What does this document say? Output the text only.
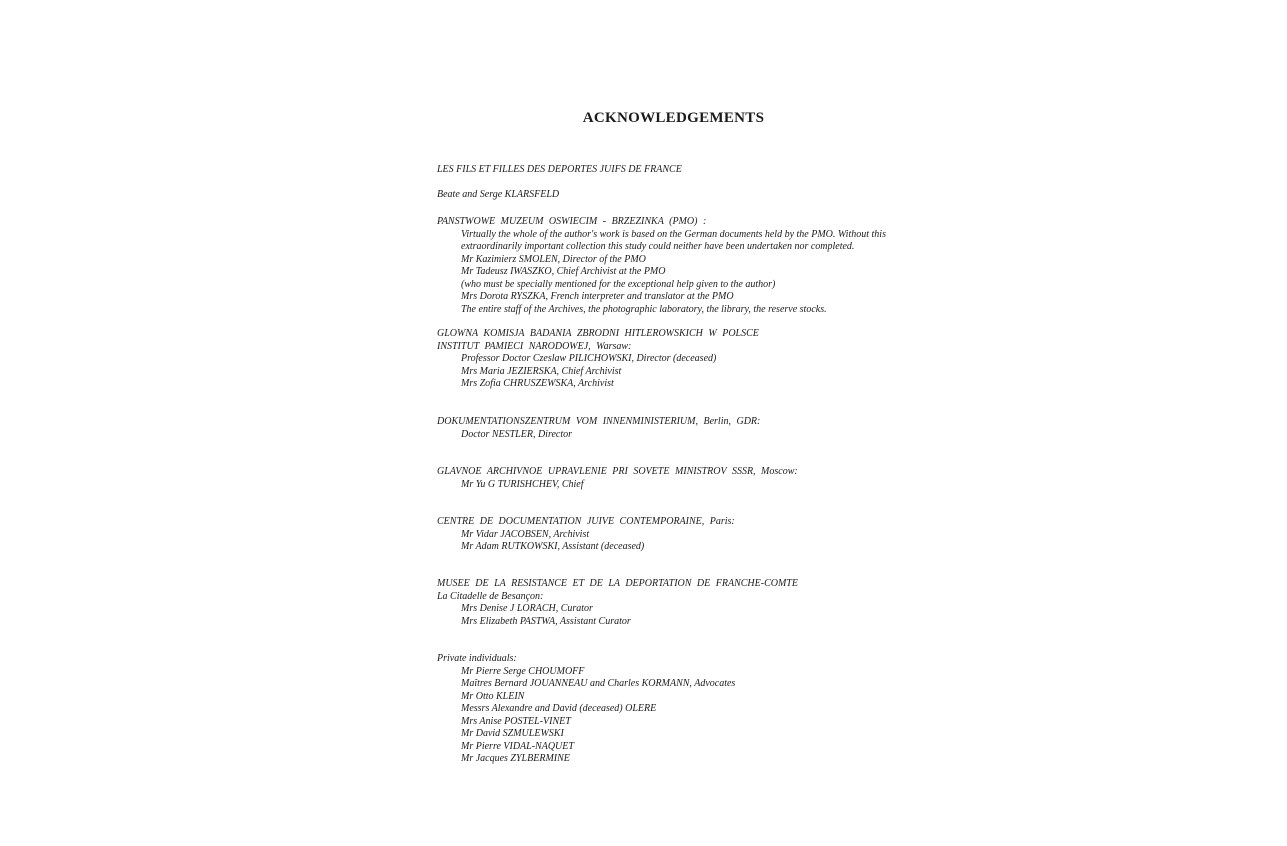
ACKNOWLEDGEMENTS
LES FILS ET FILLES DES DEPORTES JUIFS DE FRANCE
Beate and Serge KLARSFELD
PANSTWOWE MUZEUM OSWIECIM - BRZEZINKA (PMO) :
Virtually the whole of the author's work is based on the German documents held by the PMO. Without this
extraordinarily important collection this study could neither have been undertaken nor completed.
Mr Kazimierz SMOLEN, Director of the PMO
Mr Tadeusz IWASZKO, Chief Archivist at the PMO
(who must be specially mentioned for the exceptional help given to the author)
Mrs Dorota RYSZKA, French interpreter and translator at the PMO
The entire staff of the Archives, the photographic laboratory, the library, the reserve stocks.
GLOWNA KOMISJA BADANIA ZBRODNI HITLEROWSKICH W POLSCE
INSTITUT PAMIECI NARODOWEJ, Warsaw:
Professor Doctor Czeslaw PILICHOWSKI, Director (deceased)
Mrs Maria JEZIERSKA, Chief Archivist
Mrs Zofia CHRUSZEWSKA, Archivist
DOKUMENTATIONSZENTRUM VOM INNENMINISTERIUM, Berlin, GDR:
Doctor NESTLER, Director
GLAVNOE ARCHIVNOE UPRAVLENIE PRI SOVETE MINISTROV SSSR, Moscow:
Mr Yu G TURISHCHEV, Chief
CENTRE DE DOCUMENTATION JUIVE CONTEMPORAINE, Paris:
Mr Vidar JACOBSEN, Archivist
Mr Adam RUTKOWSKI, Assistant (deceased)
MUSEE DE LA RESISTANCE ET DE LA DEPORTATION DE FRANCHE-COMTE
La Citadelle de Besançon:
Mrs Denise J LORACH, Curator
Mrs Elizabeth PASTWA, Assistant Curator
Private individuals:
Mr Pierre Serge CHOUMOFF
Maîtres Bernard JOUANNEAU and Charles KORMANN, Advocates
Mr Otto KLEIN
Messrs Alexandre and David (deceased) OLERE
Mrs Anise POSTEL-VINET
Mr David SZMULEWSKI
Mr Pierre VIDAL-NAQUET
Mr Jacques ZYLBERMINE
